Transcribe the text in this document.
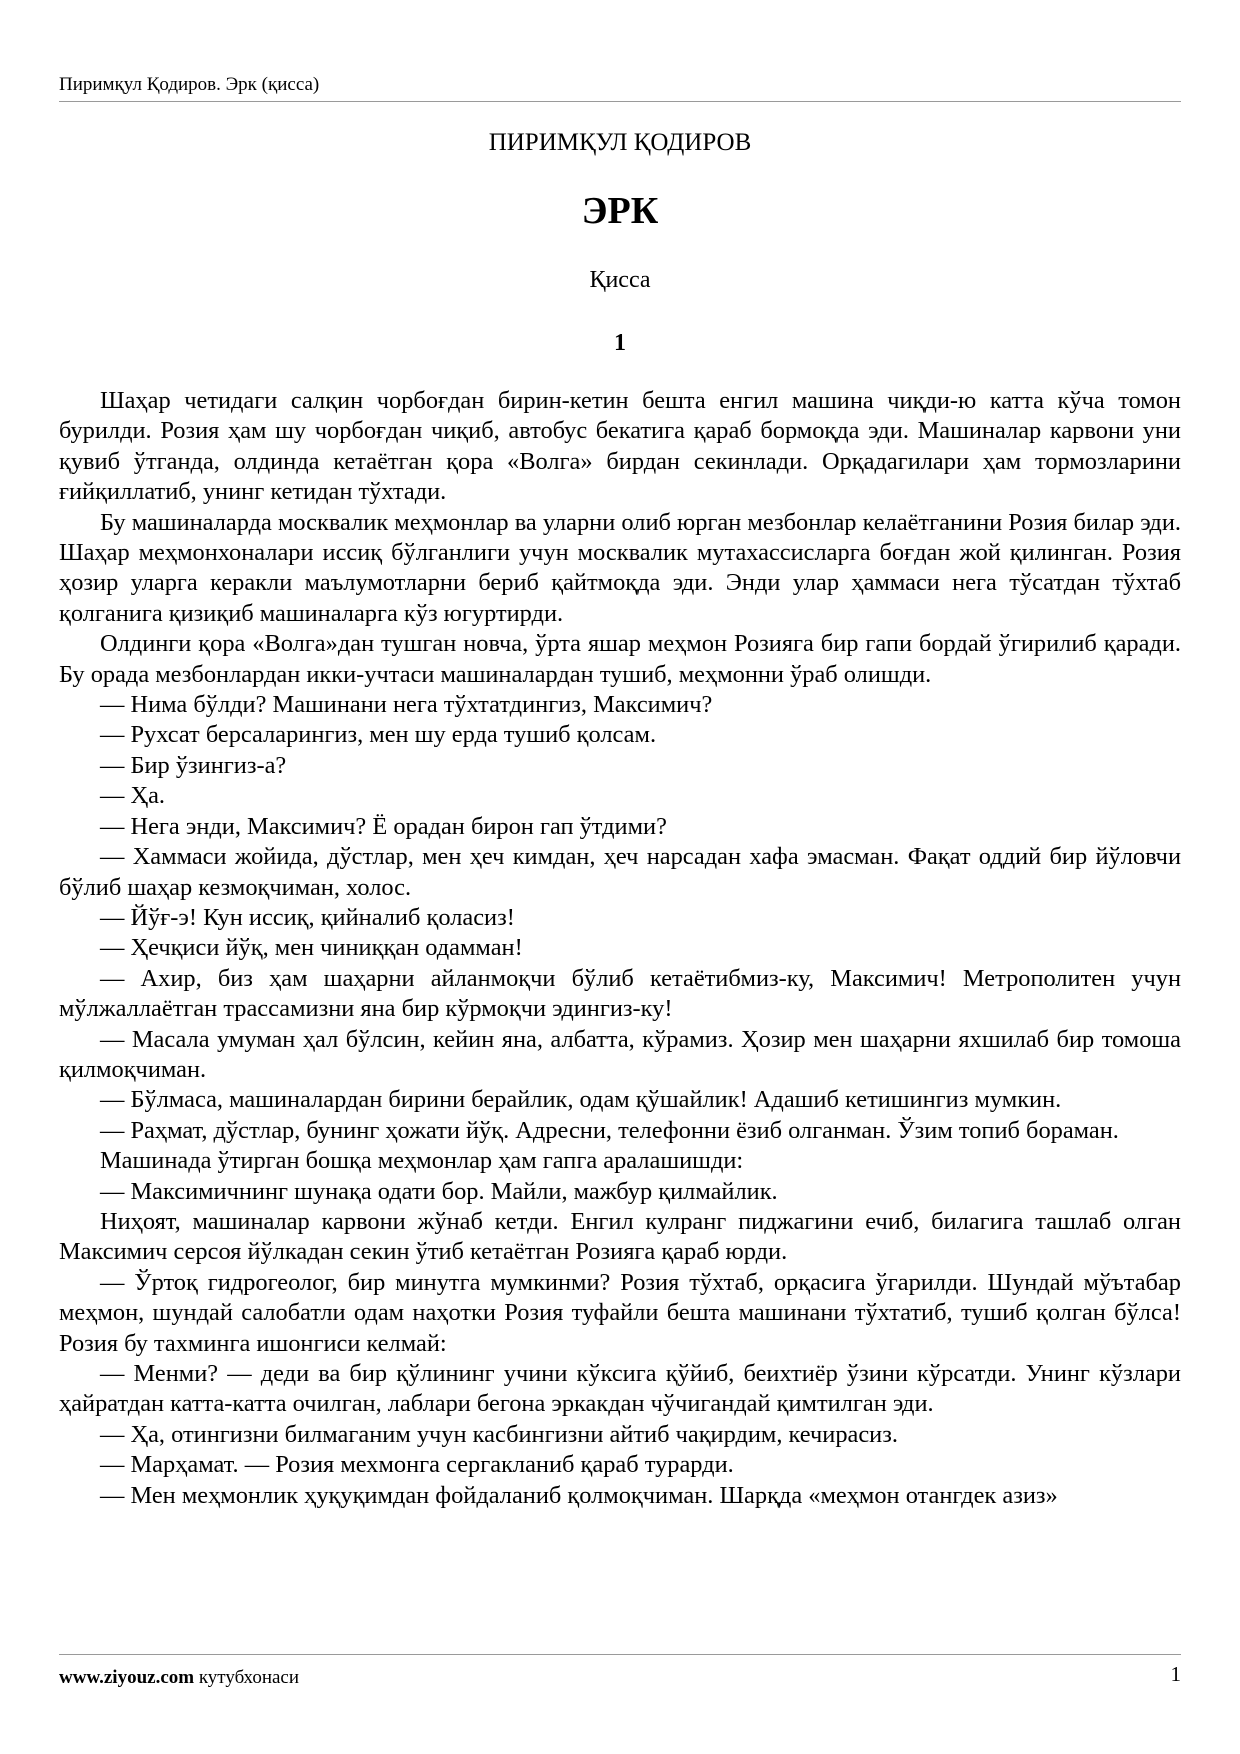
Пиримқул Қодиров. Эрк (қисса)
ПИРИМҚУЛ ҚОДИРОВ
ЭРК
Қисса
1

Шаҳар четидаги салқин чорбоғдан бирин-кетин бешта енгил машина чиқди-ю катта кўча томон бурилди. Розия ҳам шу чорбоғдан чиқиб, автобус бекатига қараб бормоқда эди. Машиналар карвони уни қувиб ўтганда, олдинда кетаётган қора «Волга» бирдан секинлади. Орқадагилари ҳам тормозларини ғийқиллатиб, унинг кетидан тўхтади.

Бу машиналарда москвалик меҳмонлар ва уларни олиб юрган мезбонлар келаётганини Розия билар эди. Шаҳар меҳмонхоналари иссиқ бўлганлиги учун москвалик мутахассисларга боғдан жой қилинган. Розия ҳозир уларга керакли маълумотларни бериб қайтмоқда эди. Энди улар ҳаммаси нега тўсатдан тўхтаб қолганига қизиқиб машиналарга кўз югуртирди.

Олдинги қора «Волга»дан тушган новча, ўрта яшар меҳмон Розияга бир гапи бордай ўгирилиб қаради. Бу орада мезбонлардан икки-учтаси машиналардан тушиб, меҳмонни ўраб олишди.

— Нима бўлди? Машинани нега тўхтатдингиз, Максимич?

— Рухсат берсаларингиз, мен шу ерда тушиб қолсам.

— Бир ўзингиз-а?

— Ҳа.

— Нега энди, Максимич? Ё орадан бирон гап ўтдими?

— Хаммаси жойида, дўстлар, мен ҳеч кимдан, ҳеч нарсадан хафа эмасман. Фақат оддий бир йўловчи бўлиб шаҳар кезмоқчиман, холос.

— Йўғ-э! Кун иссиқ, қийналиб қоласиз!

— Ҳечқиси йўқ, мен чиниққан одамман!

— Ахир, биз ҳам шаҳарни айланмоқчи бўлиб кетаётибмиз-ку, Максимич! Метрополитен учун мўлжаллаётган трассамизни яна бир кўрмоқчи эдингиз-ку!

— Масала умуман ҳал бўлсин, кейин яна, албатта, кўрамиз. Ҳозир мен шаҳарни яхшилаб бир томоша қилмоқчиман.

— Бўлмаса, машиналардан бирини берайлик, одам қўшайлик! Адашиб кетишингиз мумкин.

— Раҳмат, дўстлар, бунинг ҳожати йўқ. Адресни, телефонни ёзиб олганман. Ўзим топиб бораман.

Машинада ўтирган бошқа меҳмонлар ҳам гапга аралашишди:

— Максимичнинг шунақа одати бор. Майли, мажбур қилмайлик.

Ниҳоят, машиналар карвони жўнаб кетди. Енгил кулранг пиджагини ечиб, билагига ташлаб олган Максимич серсоя йўлкадан секин ўтиб кетаётган Розияга қараб юрди.

— Ўртоқ гидрогеолог, бир минутга мумкинми? Розия тўхтаб, орқасига ўгарилди. Шундай мўътабар меҳмон, шундай салобатли одам наҳотки Розия туфайли бешта машинани тўхтатиб, тушиб қолган бўлса! Розия бу тахминга ишонгиси келмай:

— Менми? — деди ва бир қўлининг учини кўксига қўйиб, беихтиёр ўзини кўрсатди. Унинг кўзлари ҳайратдан катта-катта очилган, лаблари бегона эркакдан чўчигандай қимтилган эди.

— Ҳа, отингизни билмаганим учун касбингизни айтиб чақирдим, кечирасиз.

— Марҳамат. — Розия мехмонга сергакланиб қараб турарди.

— Мен меҳмонлик ҳуқуқимдан фойдаланиб қолмоқчиман. Шарқда «меҳмон отангдек азиз»

www.ziyouz.com кутубхонаси	1
